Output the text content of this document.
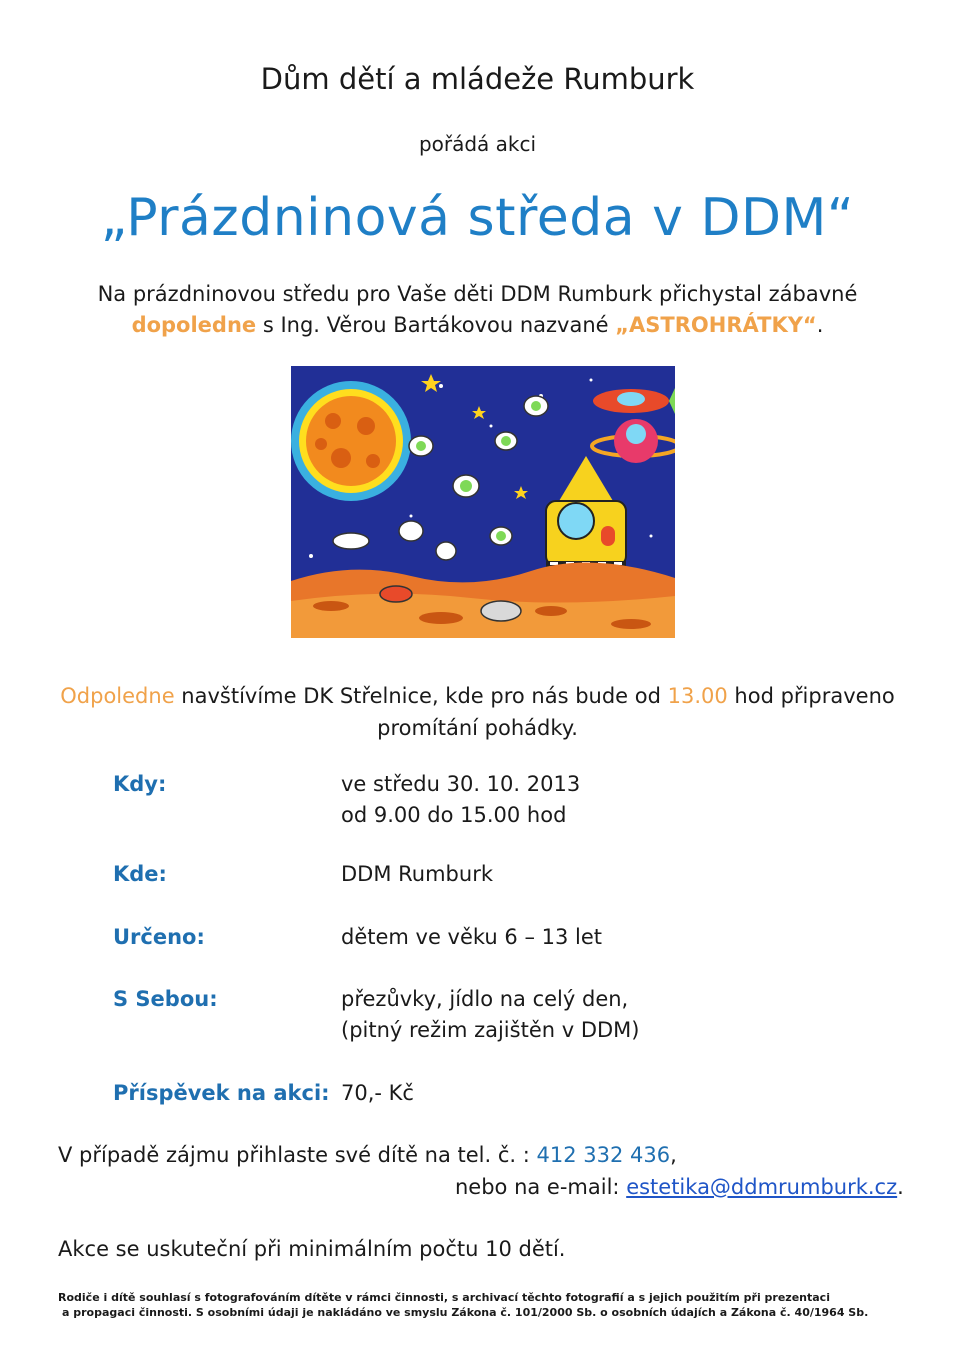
Dům dětí a mládeže Rumburk
pořádá akci
„Prázdninová středa v DDM“
Na prázdninovou středu pro Vaše děti DDM Rumburk přichystal zábavné
dopoledne s Ing. Věrou Bartákovou nazvané „ASTROHRÁTKY“.
Odpoledne navštívíme DK Střelnice, kde pro nás bude od 13.00 hod připraveno
promítání pohádky.
Kdy:	ve středu 30. 10. 2013
od 9.00 do 15.00 hod
Kde:	DDM Rumburk
Určeno:	dětem ve věku 6 – 13 let
S Sebou:	přezůvky, jídlo na celý den,
(pitný režim zajištěn v DDM)
Příspěvek na akci: 70,- Kč
V případě zájmu přihlaste své dítě na tel. č. : 412 332 436,
nebo na e-mail: estetika@ddmrumburk.cz.
Akce se uskuteční při minimálním počtu 10 dětí.
Rodiče i dítě souhlasí s fotografováním dítěte v rámci činnosti, s archivací těchto fotografií a s jejich použitím při prezentaci
a propagaci činnosti. S osobními údaji je nakládáno ve smyslu Zákona č. 101/2000 Sb. o osobních údajích a Zákona č. 40/1964 Sb.
